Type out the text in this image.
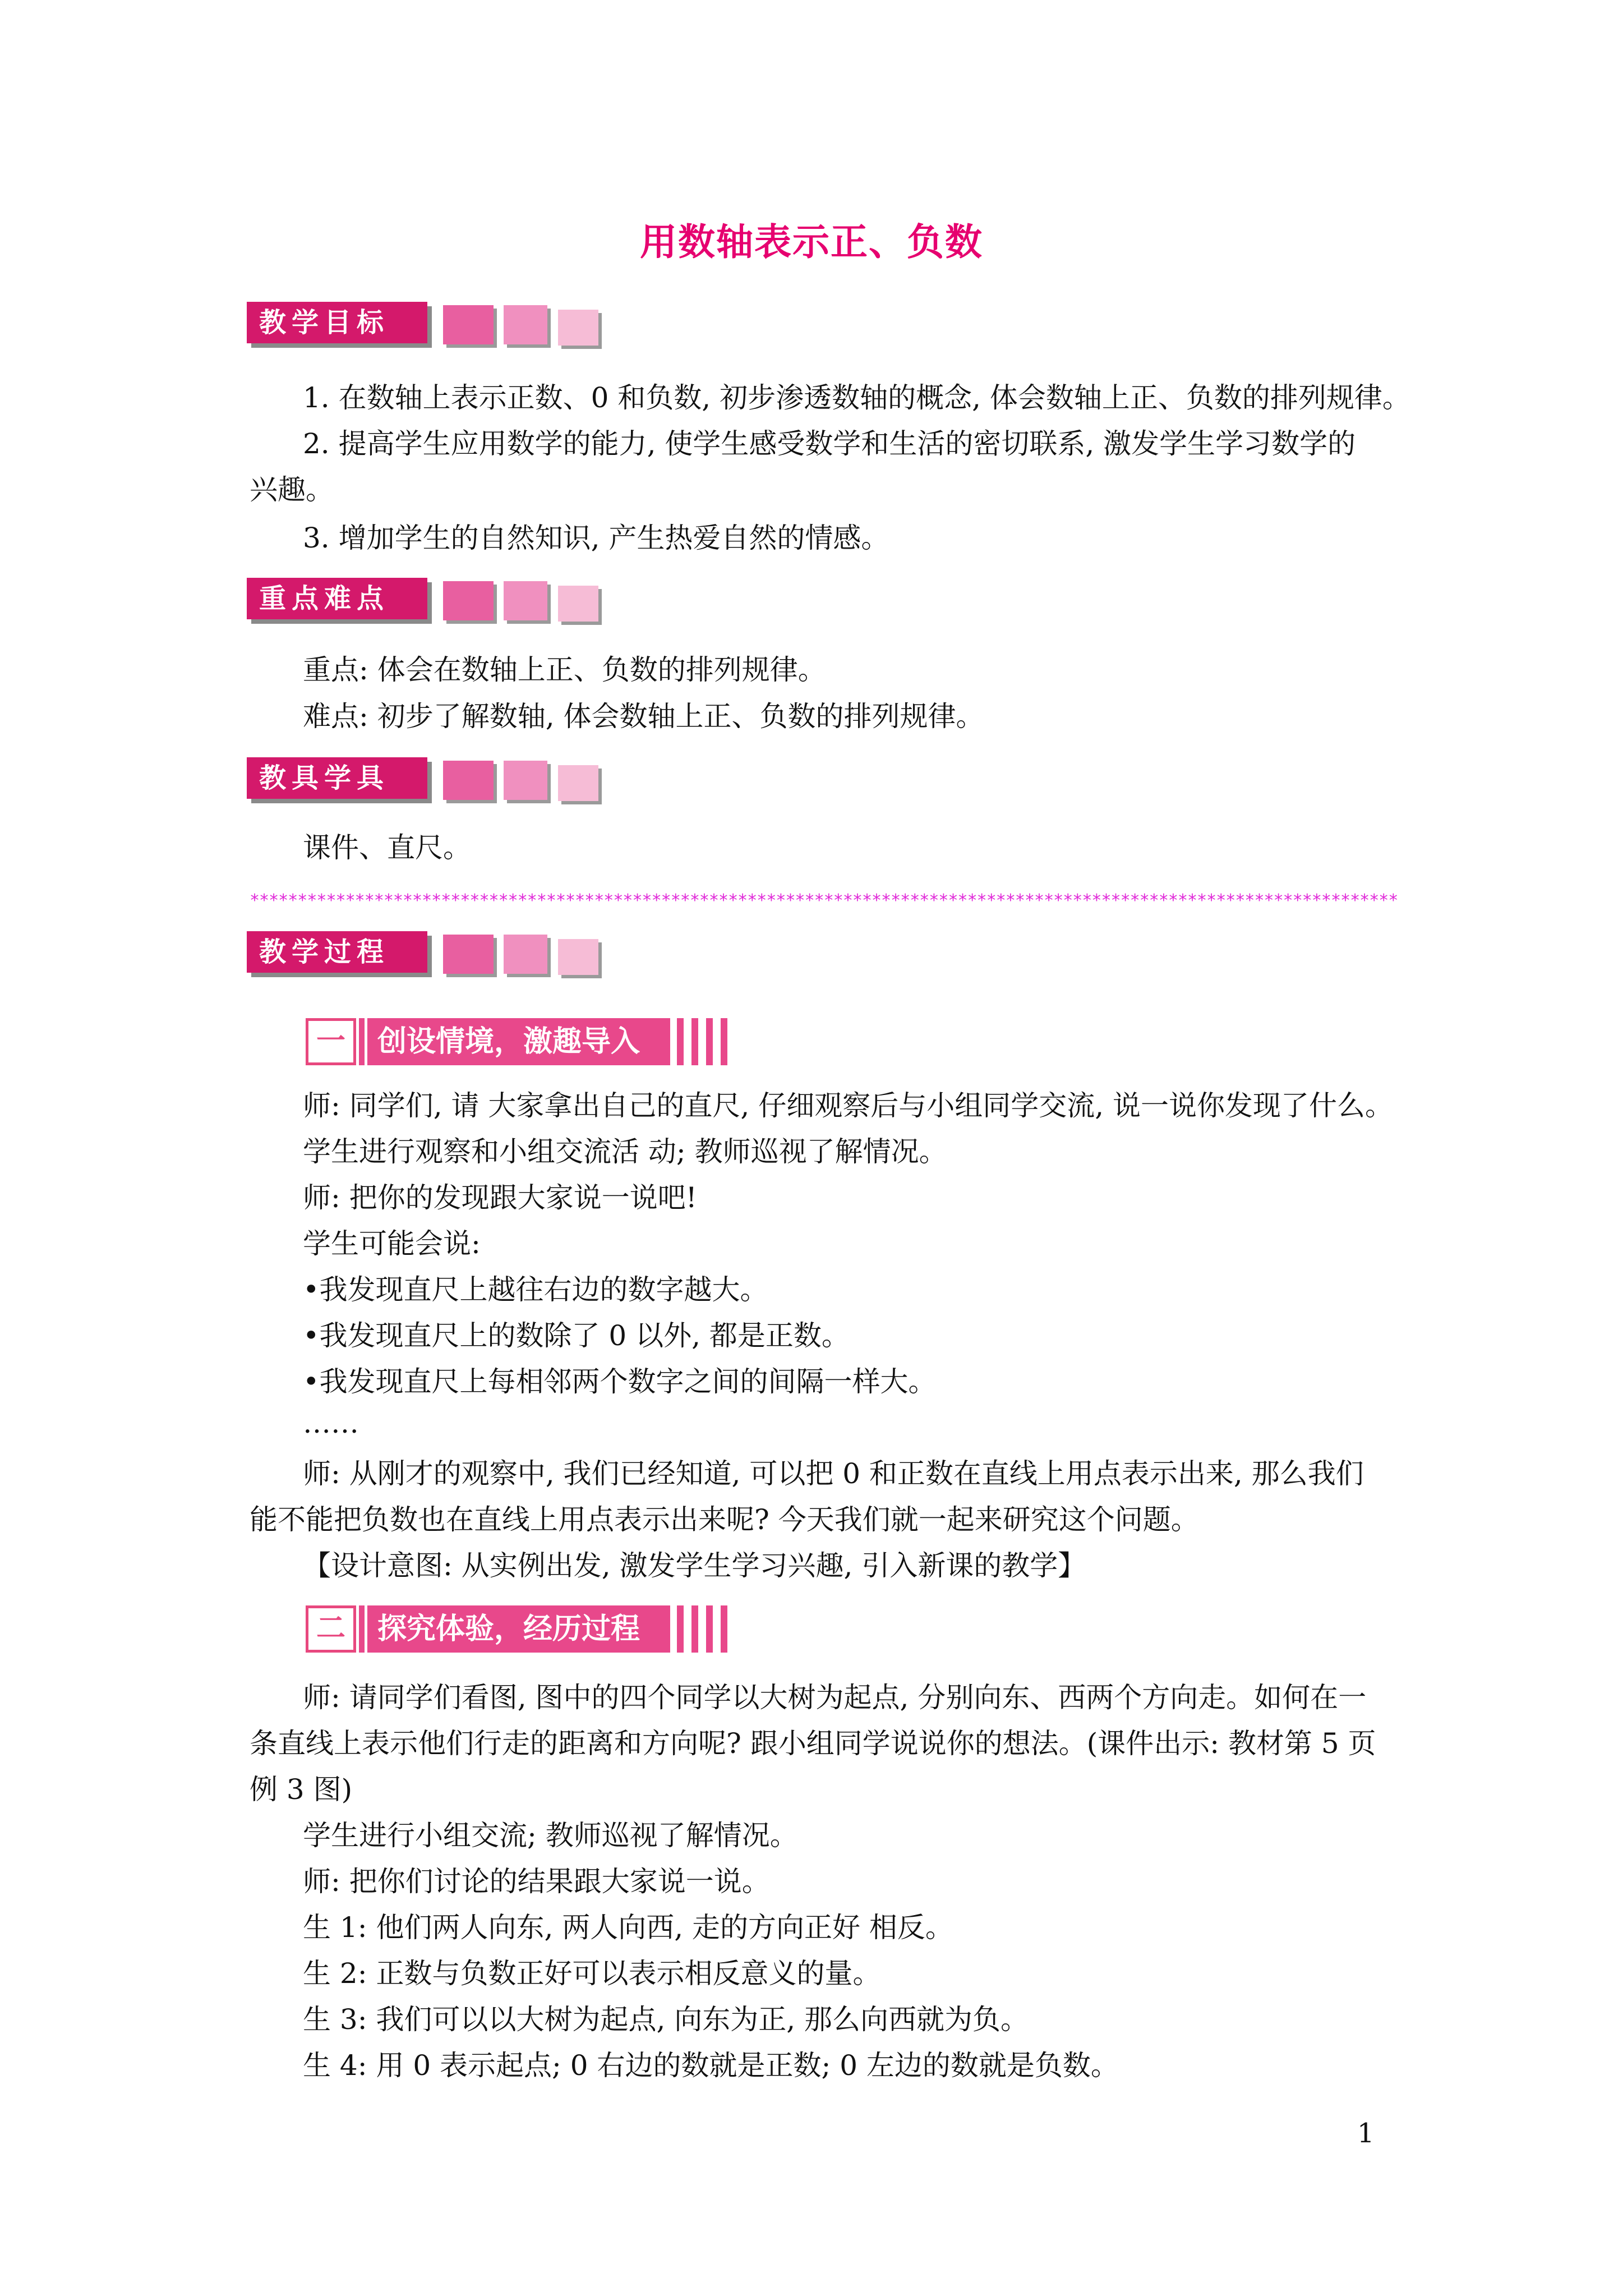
用数轴表示正、负数
教学目标
1. 在数轴上表示正数、0 和负数, 初步渗透数轴的概念, 体会数轴上正、负数的排列规律。
2. 提高学生应用数学的能力, 使学生感受数学和生活的密切联系, 激发学生学习数学的
兴趣。
3. 增加学生的自然知识, 产生热爱自然的情感。
重点难点
重点: 体会在数轴上正、负数的排列规律。
难点: 初步了解数轴, 体会数轴上正、负数的排列规律。
教具学具
课件、直尺。
************************************************************************************************************************
教学过程
一	创设情境，激趣导入
师: 同学们, 请 大家拿出自己的直尺, 仔细观察后与小组同学交流, 说一说你发现了什么。
学生进行观察和小组交流活 动; 教师巡视了解情况。
师: 把你的发现跟大家说一说吧!
学生可能会说:
•我发现直尺上越往右边的数字越大。
•我发现直尺上的数除了 0 以外, 都是正数。
•我发现直尺上每相邻两个数字之间的间隔一样大。
……
师: 从刚才的观察中, 我们已经知道, 可以把 0 和正数在直线上用点表示出来, 那么我们
能不能把负数也在直线上用点表示出来呢? 今天我们就一起来研究这个问题。
【设计意图: 从实例出发, 激发学生学习兴趣, 引入新课的教学】
二	探究体验，经历过程
师: 请同学们看图, 图中的四个同学以大树为起点, 分别向东、西两个方向走。如何在一
条直线上表示他们行走的距离和方向呢? 跟小组同学说说你的想法。(课件出示: 教材第 5 页
例 3 图)
学生进行小组交流; 教师巡视了解情况。
师: 把你们讨论的结果跟大家说一说。
生 1: 他们两人向东, 两人向西, 走的方向正好 相反。
生 2: 正数与负数正好可以表示相反意义的量。
生 3: 我们可以以大树为起点, 向东为正, 那么向西就为负。
生 4: 用 0 表示起点; 0 右边的数就是正数; 0 左边的数就是负数。
1
